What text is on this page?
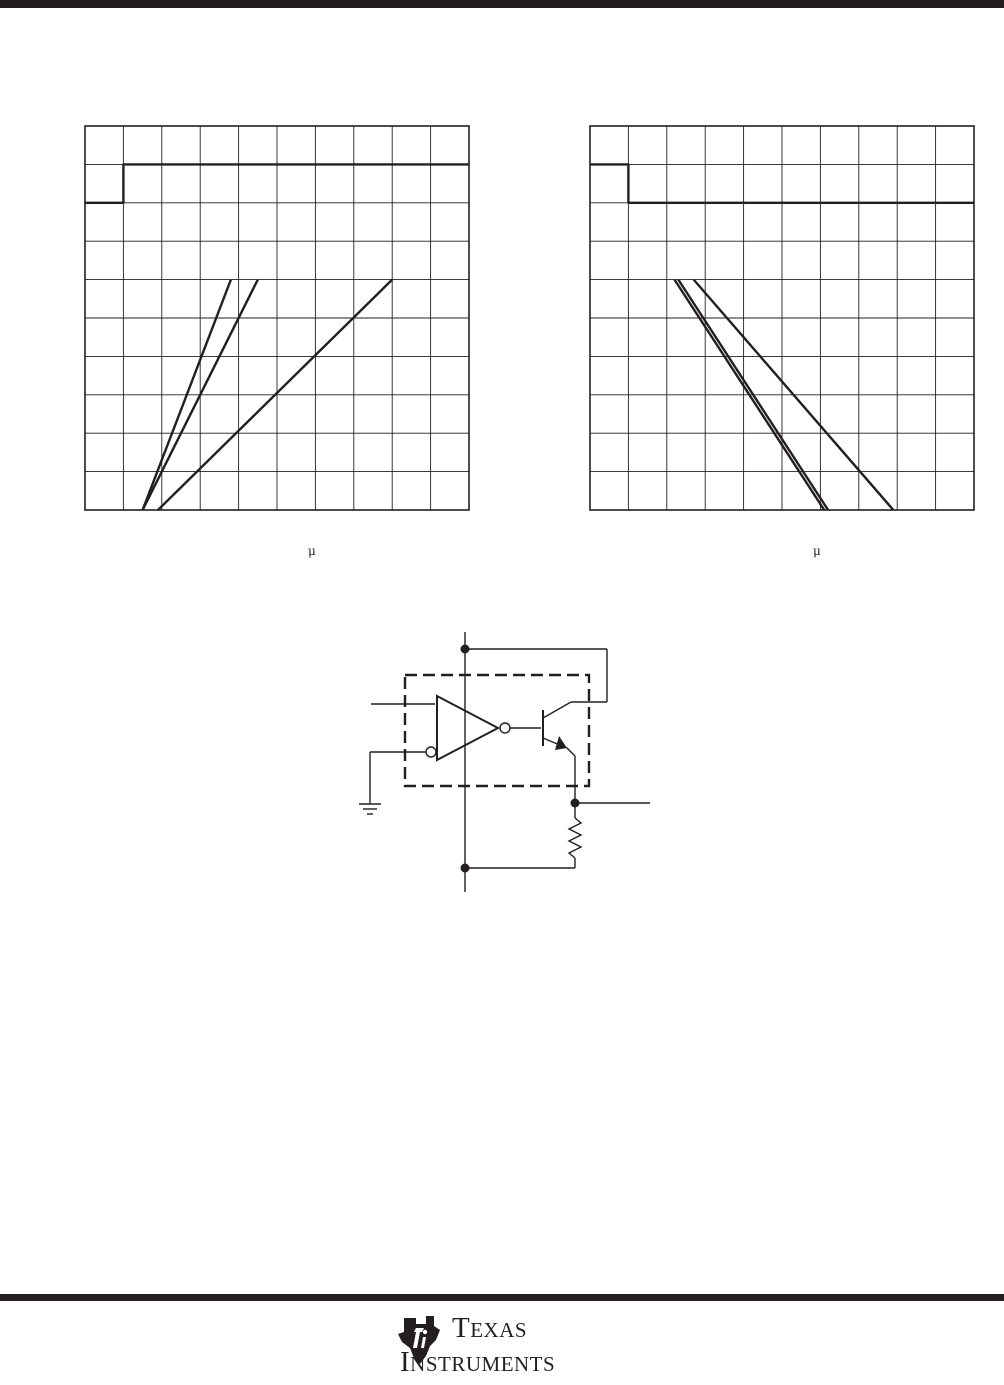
μ	μ
TEXAS
INSTRUMENTS
